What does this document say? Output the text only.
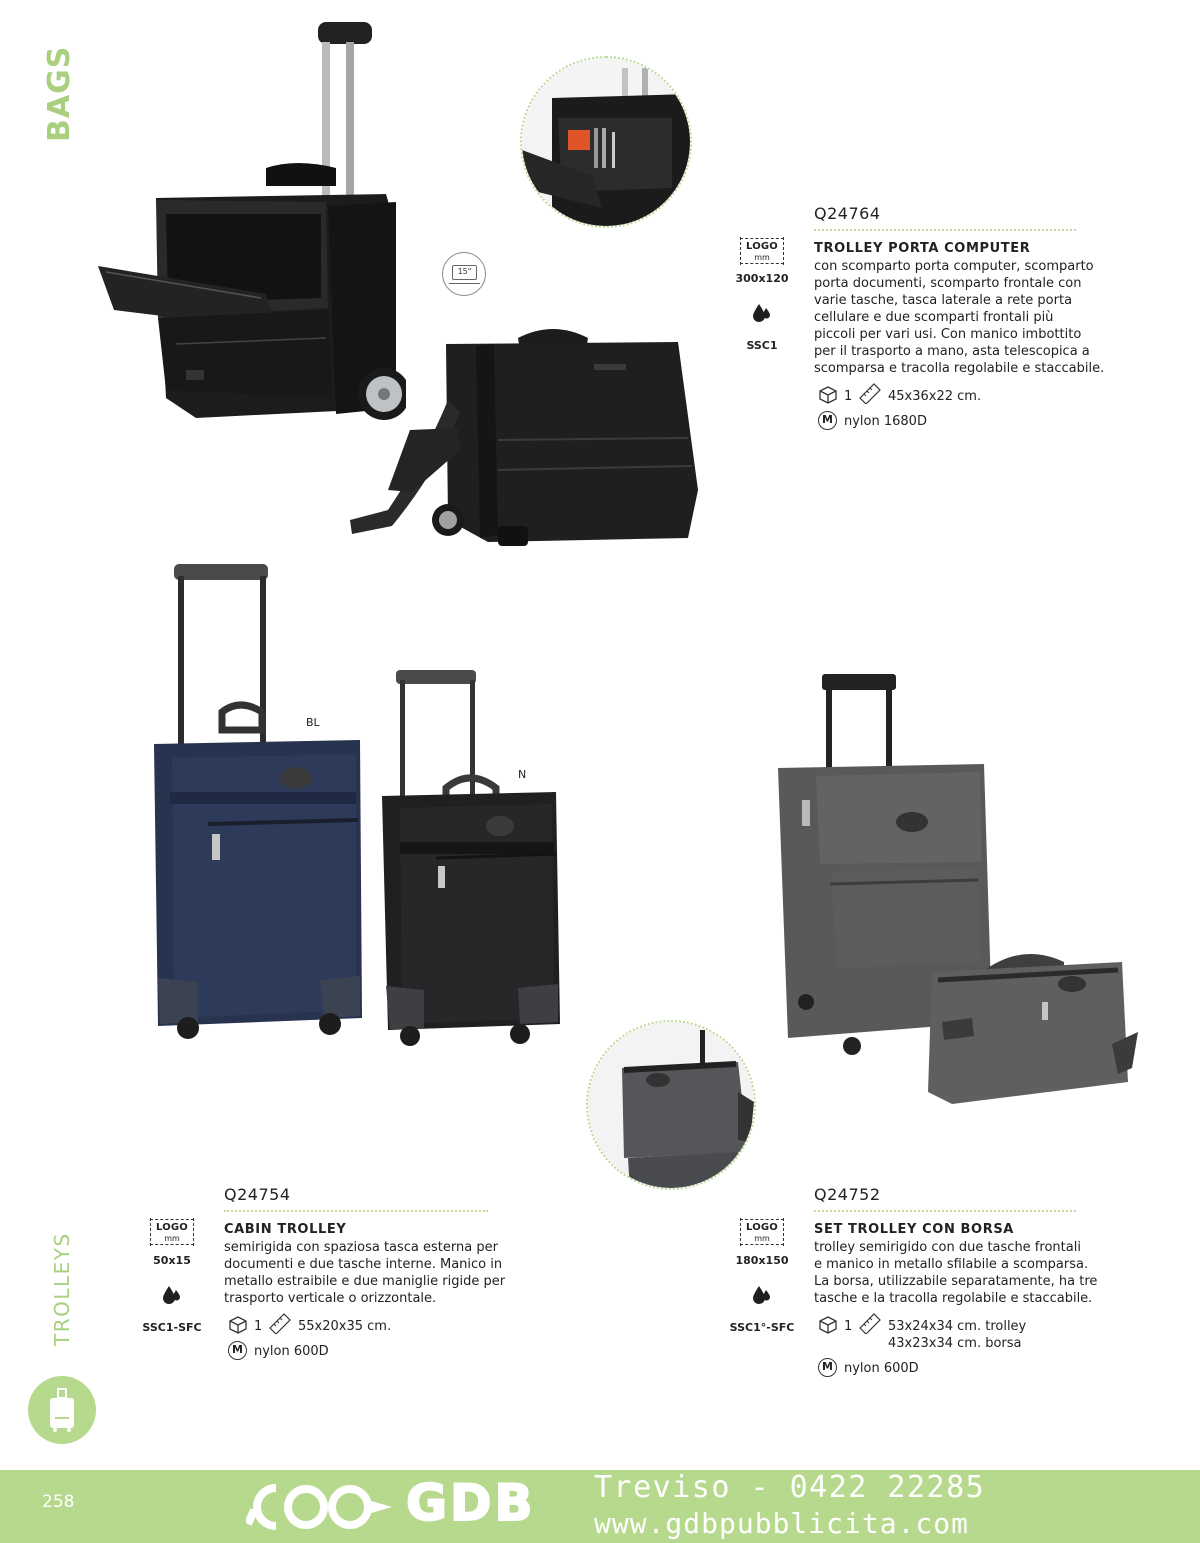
BAGS
TROLLEYS
15"
Q24764
TROLLEY PORTA COMPUTER
con scomparto porta computer, scomparto
porta documenti, scomparto frontale con
varie tasche, tasca laterale a rete porta
cellulare e due scomparti frontali più
piccoli per vari usi. Con manico imbottito
per il trasporto a mano, asta telescopica a
scomparsa e tracolla regolabile e staccabile.
LOGO
mm
300x120
SSC1
1	45x36x22 cm.
M nylon 1680D
BL
N
Q24754
CABIN TROLLEY
semirigida con spaziosa tasca esterna per
documenti e due tasche interne. Manico in
metallo estraibile e due maniglie rigide per
trasporto verticale o orizzontale.
LOGO
mm
50x15
SSC1-SFC	1	55x20x35 cm.
M nylon 600D
Q24752
SET TROLLEY CON BORSA
trolley semirigido con due tasche frontali
e manico in metallo sfilabile a scomparsa.
La borsa, utilizzabile separatamente, ha tre
tasche e la tracolla regolabile e staccabile.
LOGO
mm
180x150
SSC1°-SFC	1	53x24x34 cm. trolley
43x23x34 cm. borsa
M nylon 600D
258	GDB Treviso - 0422 22285
www.gdbpubblicita.com
